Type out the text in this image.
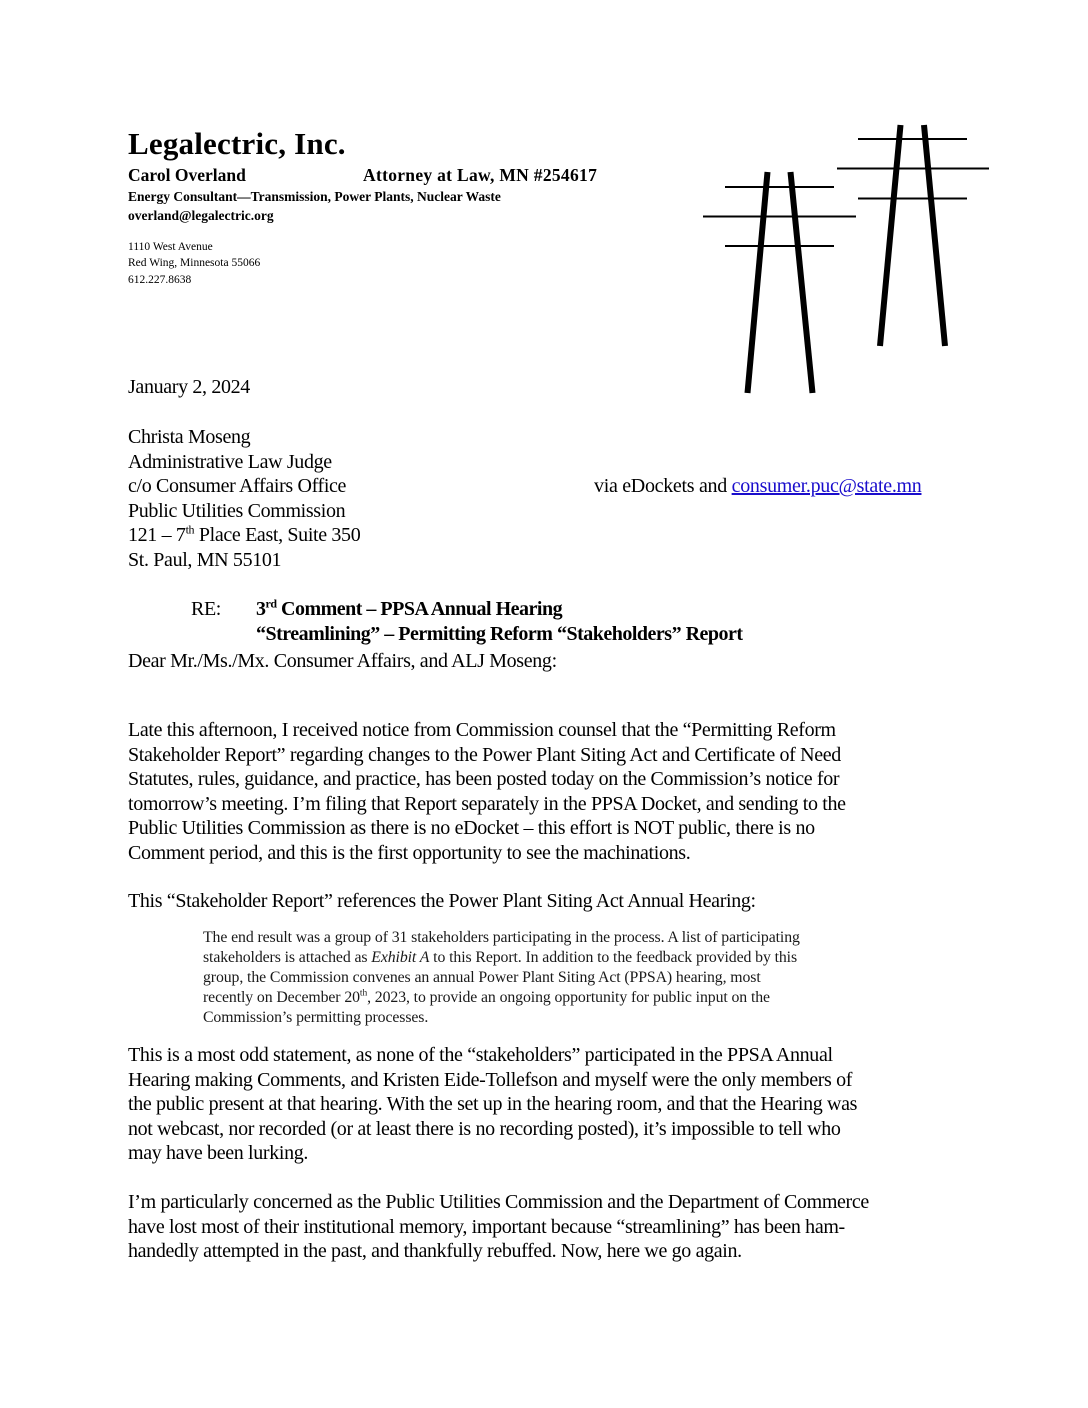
Legalectric, Inc.
Carol Overland	Attorney at Law, MN #254617
Energy Consultant—Transmission, Power Plants, Nuclear Waste
overland@legalectric.org
1110 West Avenue
Red Wing, Minnesota 55066
612.227.8638
January 2, 2024
Christa Moseng
Administrative Law Judge
c/o Consumer Affairs Office
Public Utilities Commission
121 – 7th Place East, Suite 350
St. Paul, MN 55101
via eDockets and consumer.puc@state.mn
RE: 3rd Comment – PPSA Annual Hearing
“Streamlining” – Permitting Reform “Stakeholders” Report
Dear Mr./Ms./Mx. Consumer Affairs, and ALJ Moseng:
Late this afternoon, I received notice from Commission counsel that the “Permitting Reform
Stakeholder Report” regarding changes to the Power Plant Siting Act and Certificate of Need
Statutes, rules, guidance, and practice, has been posted today on the Commission’s notice for
tomorrow’s meeting. I’m filing that Report separately in the PPSA Docket, and sending to the
Public Utilities Commission as there is no eDocket – this effort is NOT public, there is no
Comment period, and this is the first opportunity to see the machinations.
This “Stakeholder Report” references the Power Plant Siting Act Annual Hearing:
The end result was a group of 31 stakeholders participating in the process. A list of participating
stakeholders is attached as Exhibit A to this Report. In addition to the feedback provided by this
group, the Commission convenes an annual Power Plant Siting Act (PPSA) hearing, most
recently on December 20th, 2023, to provide an ongoing opportunity for public input on the
Commission’s permitting processes.
This is a most odd statement, as none of the “stakeholders” participated in the PPSA Annual
Hearing making Comments, and Kristen Eide-Tollefson and myself were the only members of
the public present at that hearing. With the set up in the hearing room, and that the Hearing was
not webcast, nor recorded (or at least there is no recording posted), it’s impossible to tell who
may have been lurking.
I’m particularly concerned as the Public Utilities Commission and the Department of Commerce
have lost most of their institutional memory, important because “streamlining” has been ham-
handedly attempted in the past, and thankfully rebuffed. Now, here we go again.
